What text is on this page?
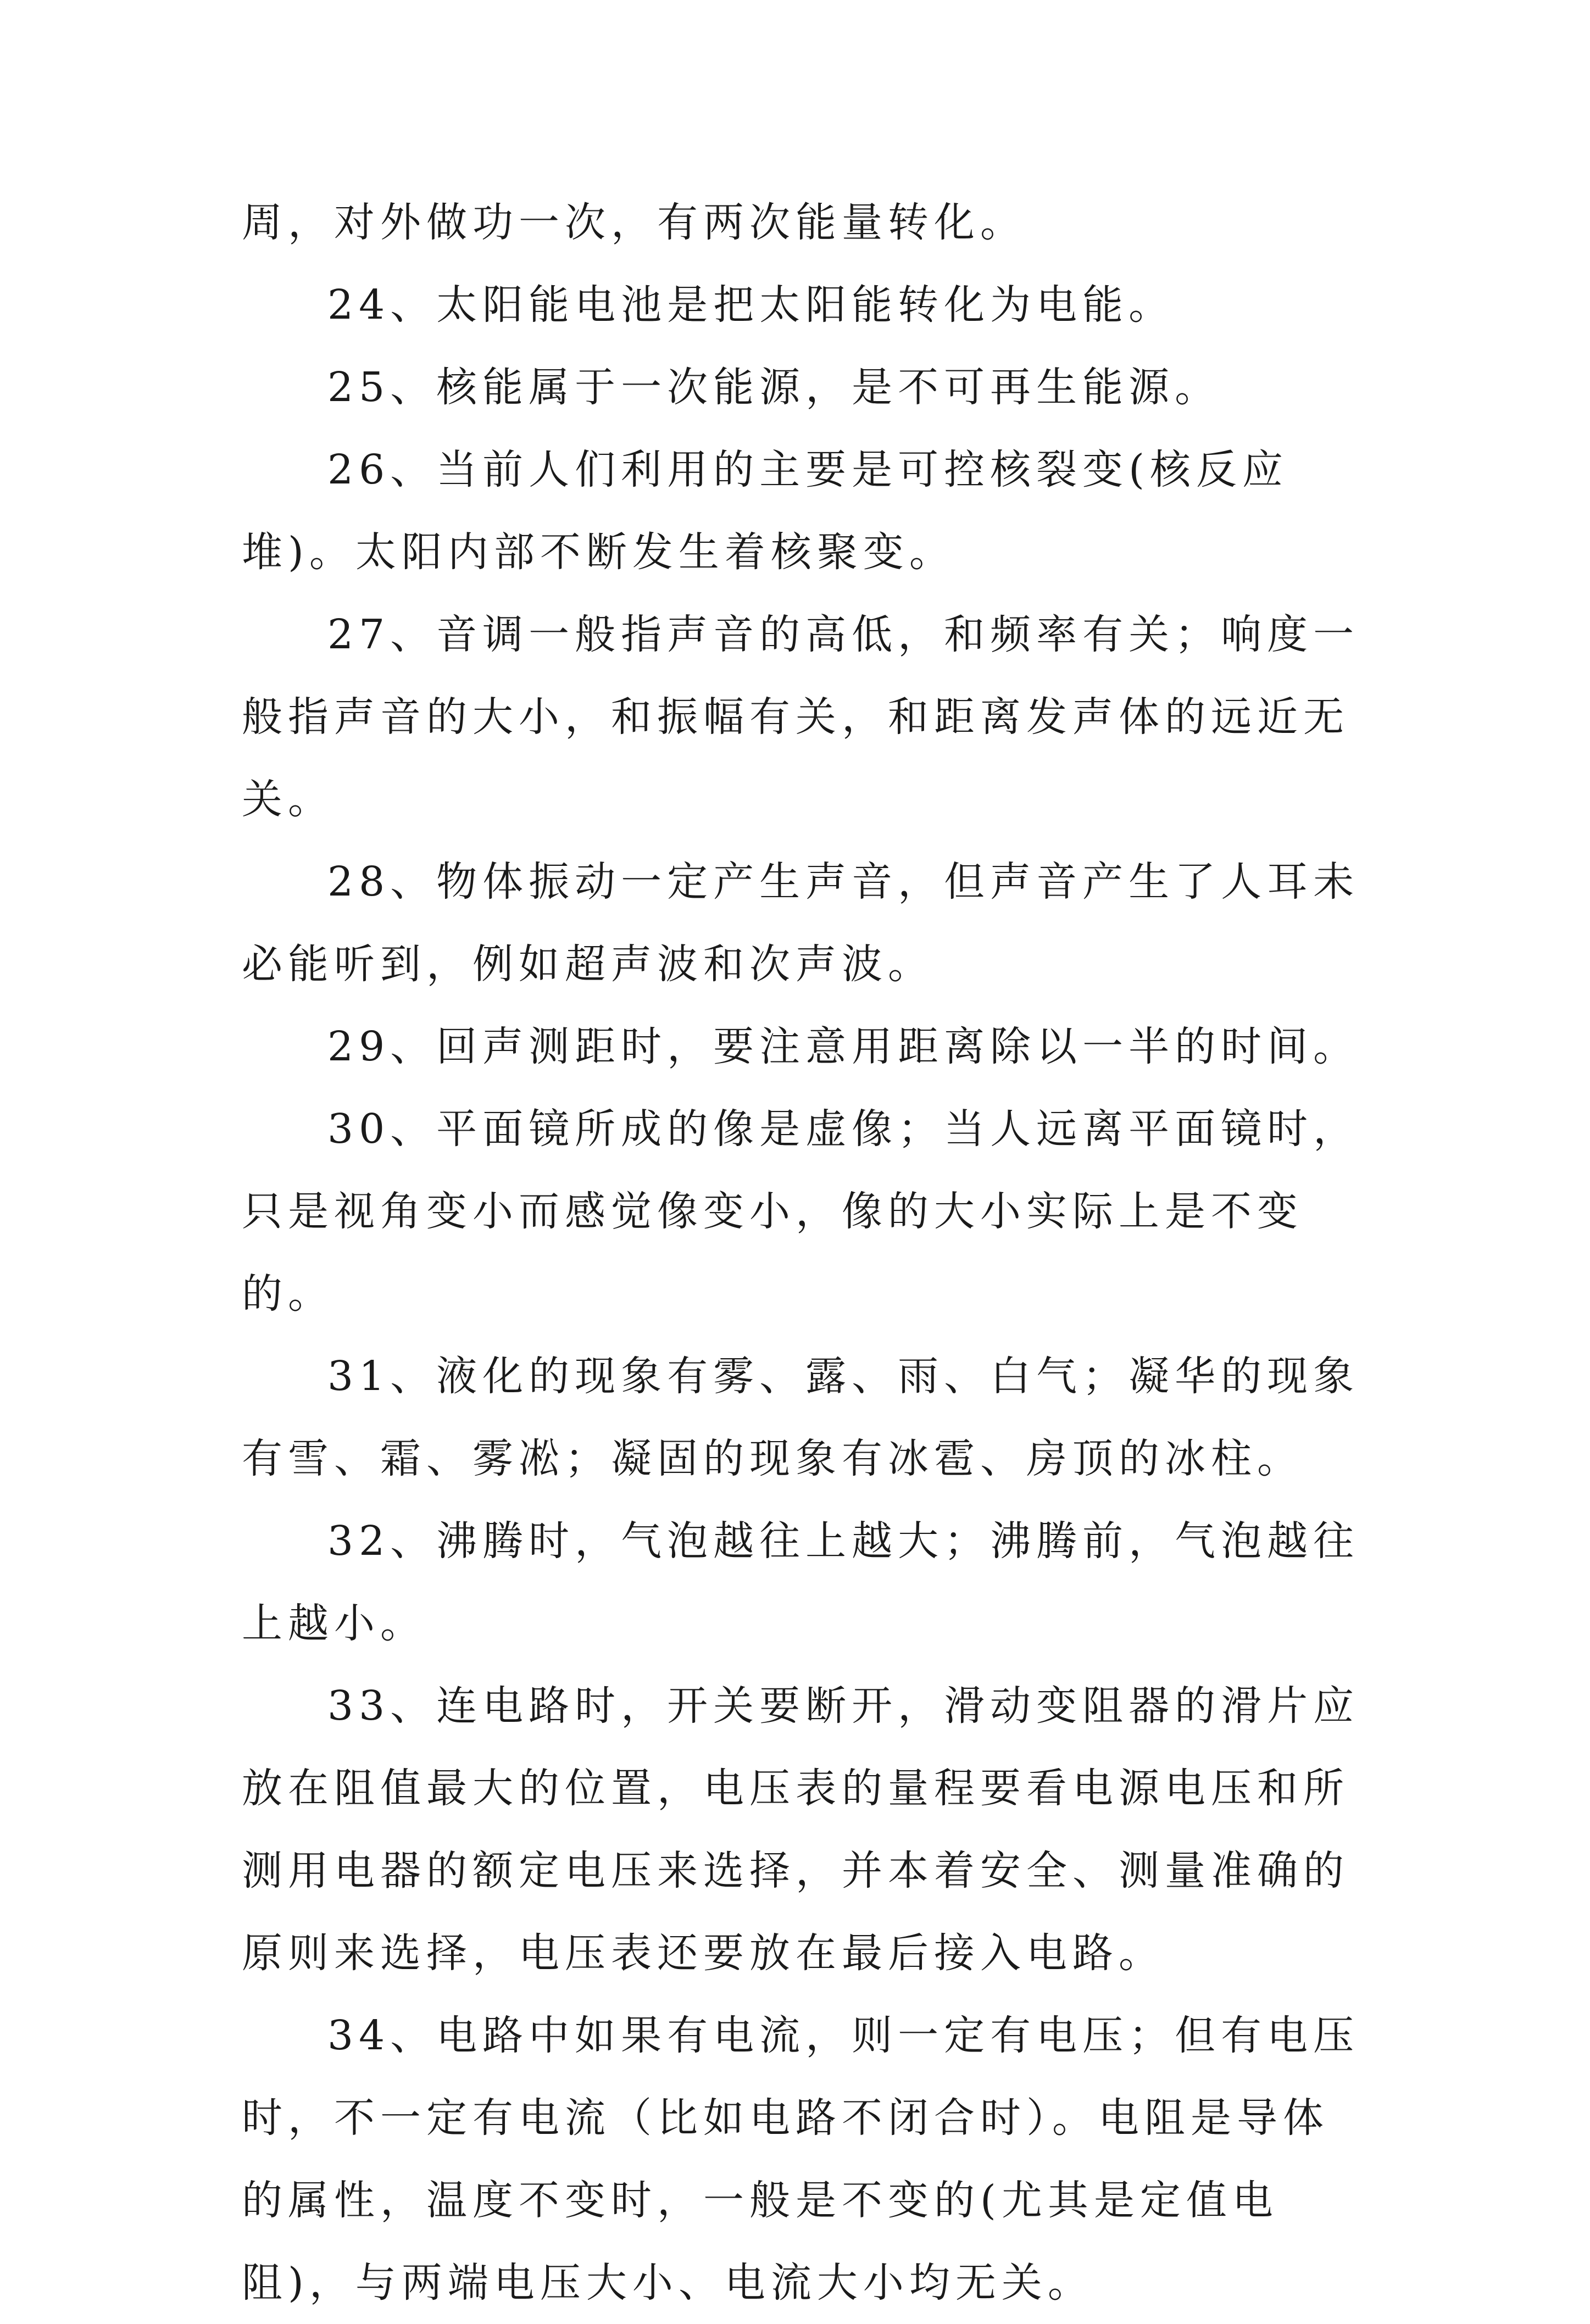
周，对外做功一次，有两次能量转化。

24、太阳能电池是把太阳能转化为电能。

25、核能属于一次能源，是不可再生能源。

26、当前人们利用的主要是可控核裂变(核反应堆)。太阳内部不断发生着核聚变。

27、音调一般指声音的高低，和频率有关；响度一般指声音的大小，和振幅有关，和距离发声体的远近无关。

28、物体振动一定产生声音，但声音产生了人耳未必能听到，例如超声波和次声波。

29、回声测距时，要注意用距离除以一半的时间。

30、平面镜所成的像是虚像；当人远离平面镜时，只是视角变小而感觉像变小，像的大小实际上是不变的。

31、液化的现象有雾、露、雨、白气；凝华的现象有雪、霜、雾凇；凝固的现象有冰雹、房顶的冰柱。

32、沸腾时，气泡越往上越大；沸腾前，气泡越往上越小。

33、连电路时，开关要断开，滑动变阻器的滑片应放在阻值最大的位置，电压表的量程要看电源电压和所测用电器的额定电压来选择，并本着安全、测量准确的原则来选择，电压表还要放在最后接入电路。

34、电路中如果有电流，则一定有电压；但有电压时，不一定有电流（比如电路不闭合时）。电阻是导体的属性，温度不变时，一般是不变的(尤其是定值电阻)，与两端电压大小、电流大小均无关。
